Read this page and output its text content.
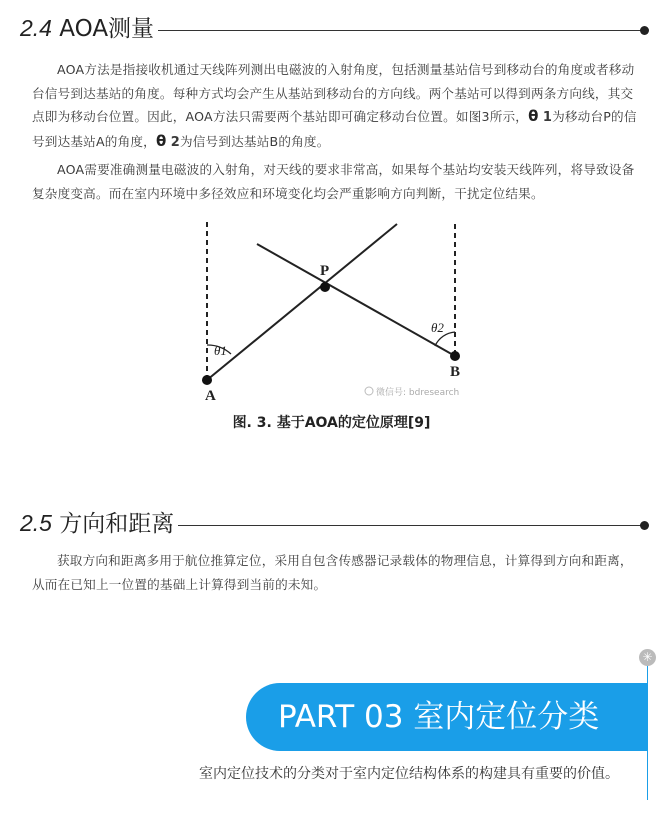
2.4 AOA测量

AOA方法是指接收机通过天线阵列测出电磁波的入射角度，包括测量基站信号到移动台的角度或者移动台信号到达基站的角度。每种方式均会产生从基站到移动台的方向线。两个基站可以得到两条方向线，其交点即为移动台位置。因此，AOA方法只需要两个基站即可确定移动台位置。如图3所示，θ 1为移动台P的信号到达基站A的角度，θ 2为信号到达基站B的角度。

AOA需要准确测量电磁波的入射角，对天线的要求非常高，如果每个基站均安装天线阵列，将导致设备复杂度变高。而在室内环境中多径效应和环境变化均会严重影响方向判断，干扰定位结果。

P
A
B
θ1
θ2
微信号: bdresearch
图. 3. 基于AOA的定位原理[9]
2.5 方向和距离

获取方向和距离多用于航位推算定位，采用自包含传感器记录载体的物理信息，计算得到方向和距离，从而在已知上一位置的基础上计算得到当前的未知。

✳
PART 03 室内定位分类
室内定位技术的分类对于室内定位结构体系的构建具有重要的价值。
